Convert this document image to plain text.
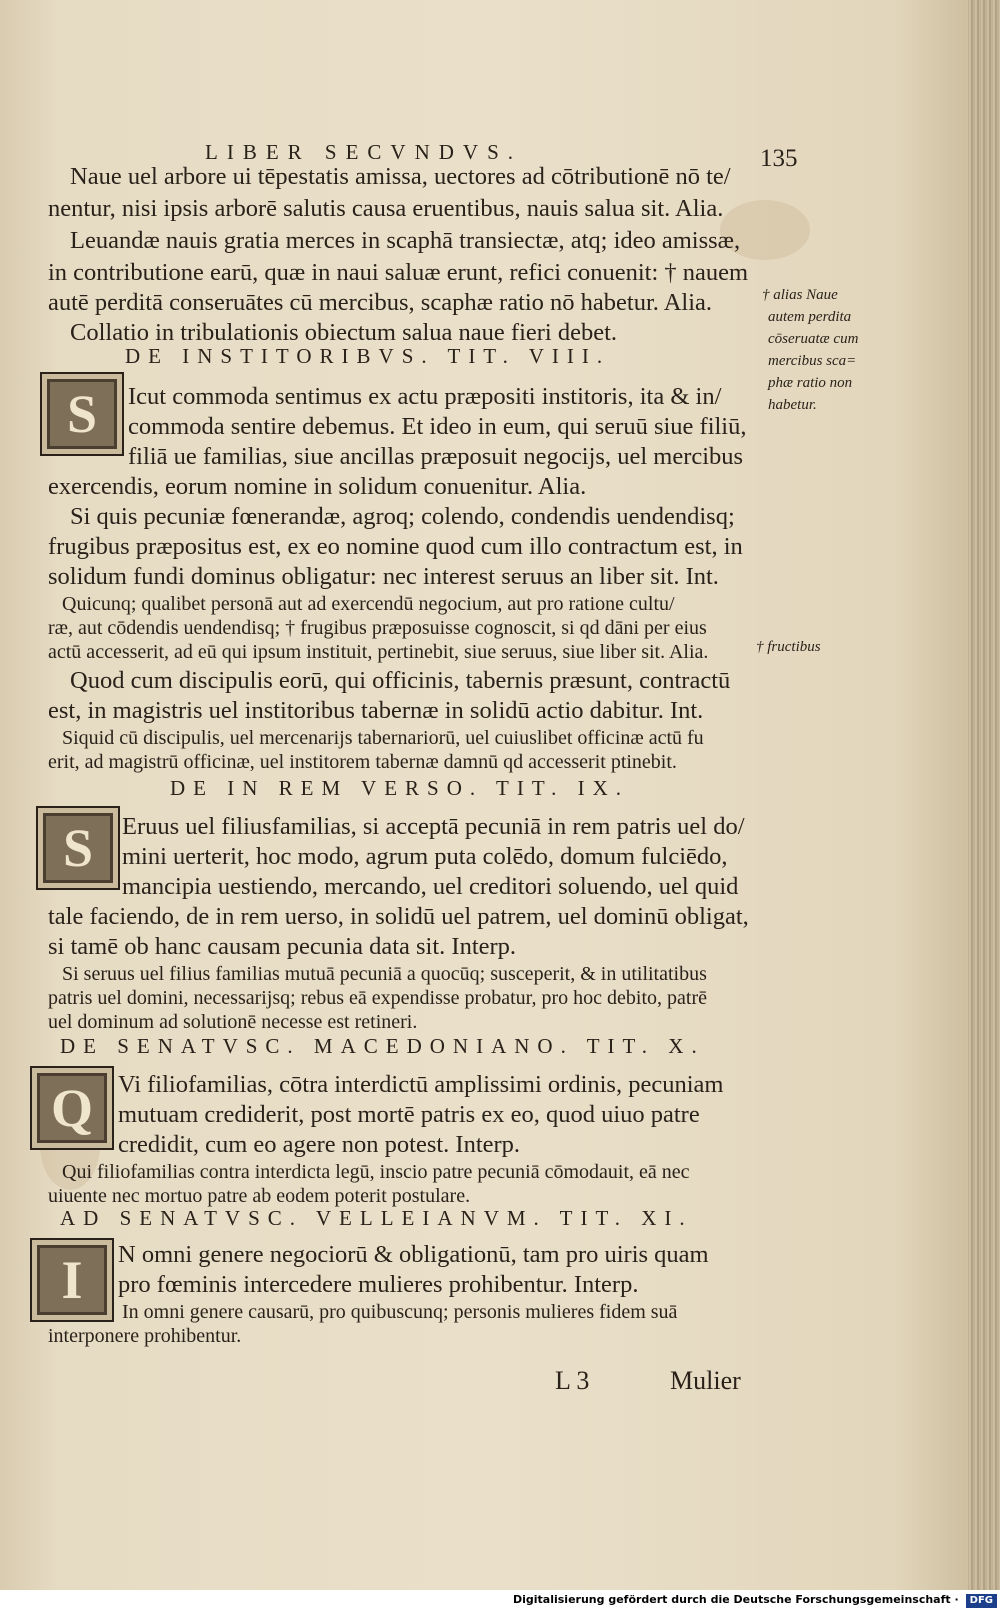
LIBER SECVNDVS.	135
Naue uel arbore ui tēpestatis amissa, uectores ad cōtributionē nō te/
nentur, nisi ipsis arborē salutis causa eruentibus, nauis salua sit. Alia.
Leuandæ nauis gratia merces in scaphā transiectæ, atq; ideo amissæ,
in contributione earū, quæ in naui saluæ erunt, refici conuenit: † nauem
autē perditā conseruātes cū mercibus, scaphæ ratio nō habetur. Alia.
Collatio in tribulationis obiectum salua naue fieri debet.
DE INSTITORIBVS. TIT. VIII.
S Icut commoda sentimus ex actu præpositi institoris, ita & in/
commoda sentire debemus. Et ideo in eum, qui seruū siue filiū,
filiā ue familias, siue ancillas præposuit negocijs, uel mercibus
exercendis, eorum nomine in solidum conuenitur. Alia.
Si quis pecuniæ fœnerandæ, agroq; colendo, condendis uendendisq;
frugibus præpositus est, ex eo nomine quod cum illo contractum est, in
solidum fundi dominus obligatur: nec interest seruus an liber sit. Int.
Quicunq; qualibet personā aut ad exercendū negocium, aut pro ratione cultu/
ræ, aut cōdendis uendendisq; † frugibus præposuisse cognoscit, si qd dāni per eius
actū accesserit, ad eū qui ipsum instituit, pertinebit, siue seruus, siue liber sit. Alia.
Quod cum discipulis eorū, qui officinis, tabernis præsunt, contractū
est, in magistris uel institoribus tabernæ in solidū actio dabitur. Int.
Siquid cū discipulis, uel mercenarijs tabernariorū, uel cuiuslibet officinæ actū fu
erit, ad magistrū officinæ, uel institorem tabernæ damnū qd accesserit ptinebit.
DE IN REM VERSO. TIT. IX.
S Eruus uel filiusfamilias, si acceptā pecuniā in rem patris uel do/
mini uerterit, hoc modo, agrum puta colēdo, domum fulciēdo,
mancipia uestiendo, mercando, uel creditori soluendo, uel quid
tale faciendo, de in rem uerso, in solidū uel patrem, uel dominū obligat,
si tamē ob hanc causam pecunia data sit. Interp.
Si seruus uel filius familias mutuā pecuniā a quocūq; susceperit, & in utilitatibus
patris uel domini, necessarijsq; rebus eā expendisse probatur, pro hoc debito, patrē
uel dominum ad solutionē necesse est retineri.
DE SENATVSC. MACEDONIANO. TIT. X.
Q Vi filiofamilias, cōtra interdictū amplissimi ordinis, pecuniam
mutuam crediderit, post mortē patris ex eo, quod uiuo patre
credidit, cum eo agere non potest. Interp.
Qui filiofamilias contra interdicta legū, inscio patre pecuniā cōmodauit, eā nec
uiuente nec mortuo patre ab eodem poterit postulare.
AD SENATVSC. VELLEIANVM. TIT. XI.
I N omni genere negociorū & obligationū, tam pro uiris quam
pro fœminis intercedere mulieres prohibentur. Interp.
In omni genere causarū, pro quibuscunq; personis mulieres fidem suā
interponere prohibentur.
L 3	Mulier
† alias Naue
autem perdita
cōseruatæ cum
mercibus sca=
phæ ratio non
habetur.
† fructibus
Digitalisierung gefördert durch die Deutsche Forschungsgemeinschaft · DFG
